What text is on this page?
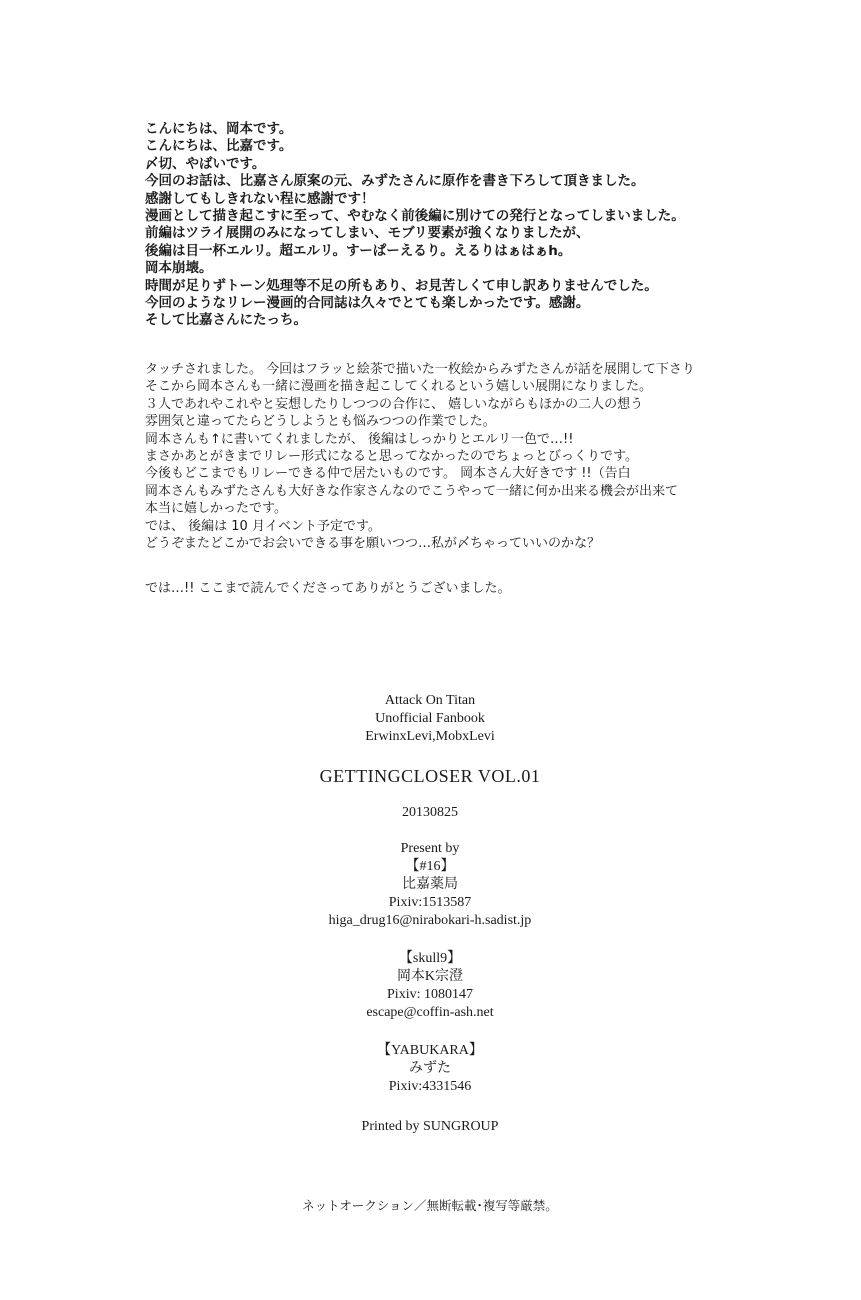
こんにちは、岡本です。
こんにちは、比嘉です。
〆切、やばいです。
今回のお話は、比嘉さん原案の元、みずたさんに原作を書き下ろして頂きました。
感謝してもしきれない程に感謝です！
漫画として描き起こすに至って、やむなく前後編に別けての発行となってしまいました。
前編はツライ展開のみになってしまい、モブリ要素が強くなりましたが、
後編は目一杯エルリ。超エルリ。すーぱーえるり。えるりはぁはぁh。
岡本崩壊。
時間が足りずトーン処理等不足の所もあり、お見苦しくて申し訳ありませんでした。
今回のようなリレー漫画的合同誌は久々でとても楽しかったです。感謝。
そして比嘉さんにたっち。
タッチされました。 今回はフラッと絵茶で描いた一枚絵からみずたさんが話を展開して下さり
そこから岡本さんも一緒に漫画を描き起こしてくれるという嬉しい展開になりました。
３人であれやこれやと妄想したりしつつの合作に、 嬉しいながらもほかの二人の想う
雰囲気と違ってたらどうしようとも悩みつつの作業でした。
岡本さんも↑に書いてくれましたが、 後編はしっかりとエルリ一色で…!!
まさかあとがきまでリレー形式になると思ってなかったのでちょっとびっくりです。
今後もどこまでもリレーできる仲で居たいものです。 岡本さん大好きです !!（告白
岡本さんもみずたさんも大好きな作家さんなのでこうやって一緒に何か出来る機会が出来て
本当に嬉しかったです。
では、 後編は 10 月イベント予定です。
どうぞまたどこかでお会いできる事を願いつつ…私が〆ちゃっていいのかな？
では…!! ここまで読んでくださってありがとうございました。
Attack On Titan
Unofficial Fanbook
ErwinxLevi,MobxLevi
GETTINGCLOSER VOL.01
20130825
Present by
【#16】
比嘉薬局
Pixiv:1513587
higa_drug16@nirabokari-h.sadist.jp
【skull9】
岡本K宗澄
Pixiv: 1080147
escape@coffin-ash.net
【YABUKARA】
みずた
Pixiv:4331546
Printed by SUNGROUP
ネットオークション／無断転載･複写等厳禁。
